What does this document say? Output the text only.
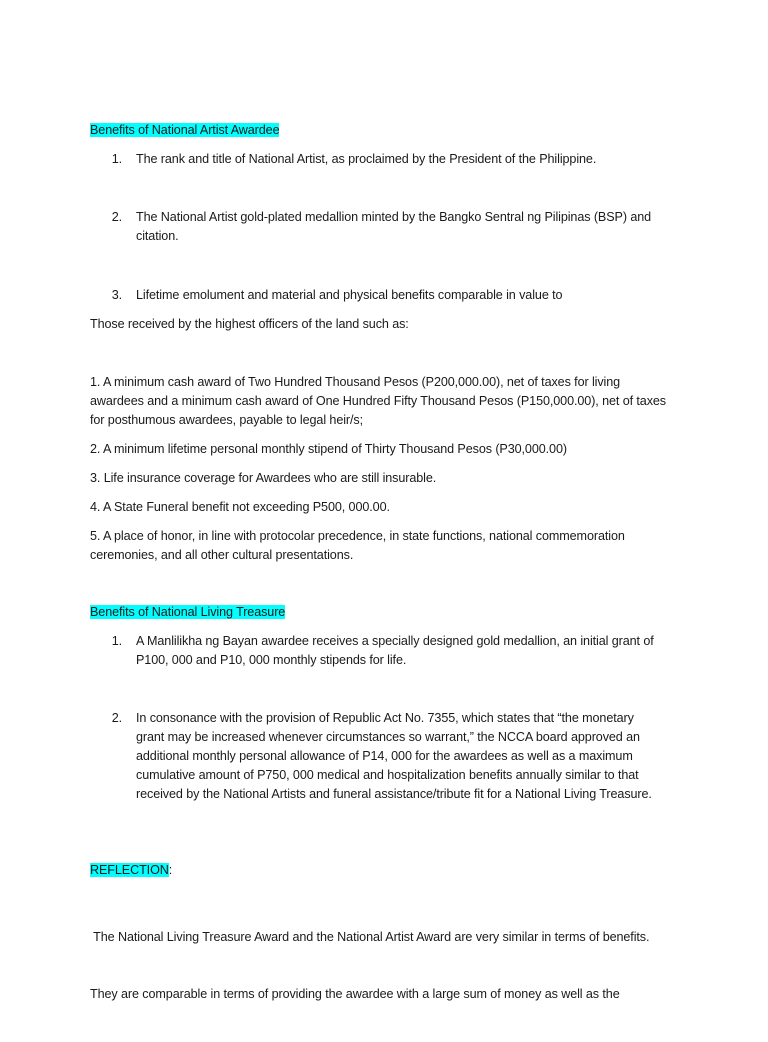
Benefits of National Artist Awardee
1. The rank and title of National Artist, as proclaimed by the President of the Philippine.
2. The National Artist gold-plated medallion minted by the Bangko Sentral ng Pilipinas (BSP) and
citation.
3. Lifetime emolument and material and physical benefits comparable in value to
Those received by the highest officers of the land such as:
1. A minimum cash award of Two Hundred Thousand Pesos (P200,000.00), net of taxes for living
awardees and a minimum cash award of One Hundred Fifty Thousand Pesos (P150,000.00), net of taxes
for posthumous awardees, payable to legal heir/s;
2. A minimum lifetime personal monthly stipend of Thirty Thousand Pesos (P30,000.00)
3. Life insurance coverage for Awardees who are still insurable.
4. A State Funeral benefit not exceeding P500, 000.00.
5. A place of honor, in line with protocolar precedence, in state functions, national commemoration
ceremonies, and all other cultural presentations.
Benefits of National Living Treasure
1. A Manlilikha ng Bayan awardee receives a specially designed gold medallion, an initial grant of
P100, 000 and P10, 000 monthly stipends for life.
2. In consonance with the provision of Republic Act No. 7355, which states that “the monetary
grant may be increased whenever circumstances so warrant,” the NCCA board approved an
additional monthly personal allowance of P14, 000 for the awardees as well as a maximum
cumulative amount of P750, 000 medical and hospitalization benefits annually similar to that
received by the National Artists and funeral assistance/tribute fit for a National Living Treasure.
REFLECTION:

The National Living Treasure Award and the National Artist Award are very similar in terms of benefits.

They are comparable in terms of providing the awardee with a large sum of money as well as the
